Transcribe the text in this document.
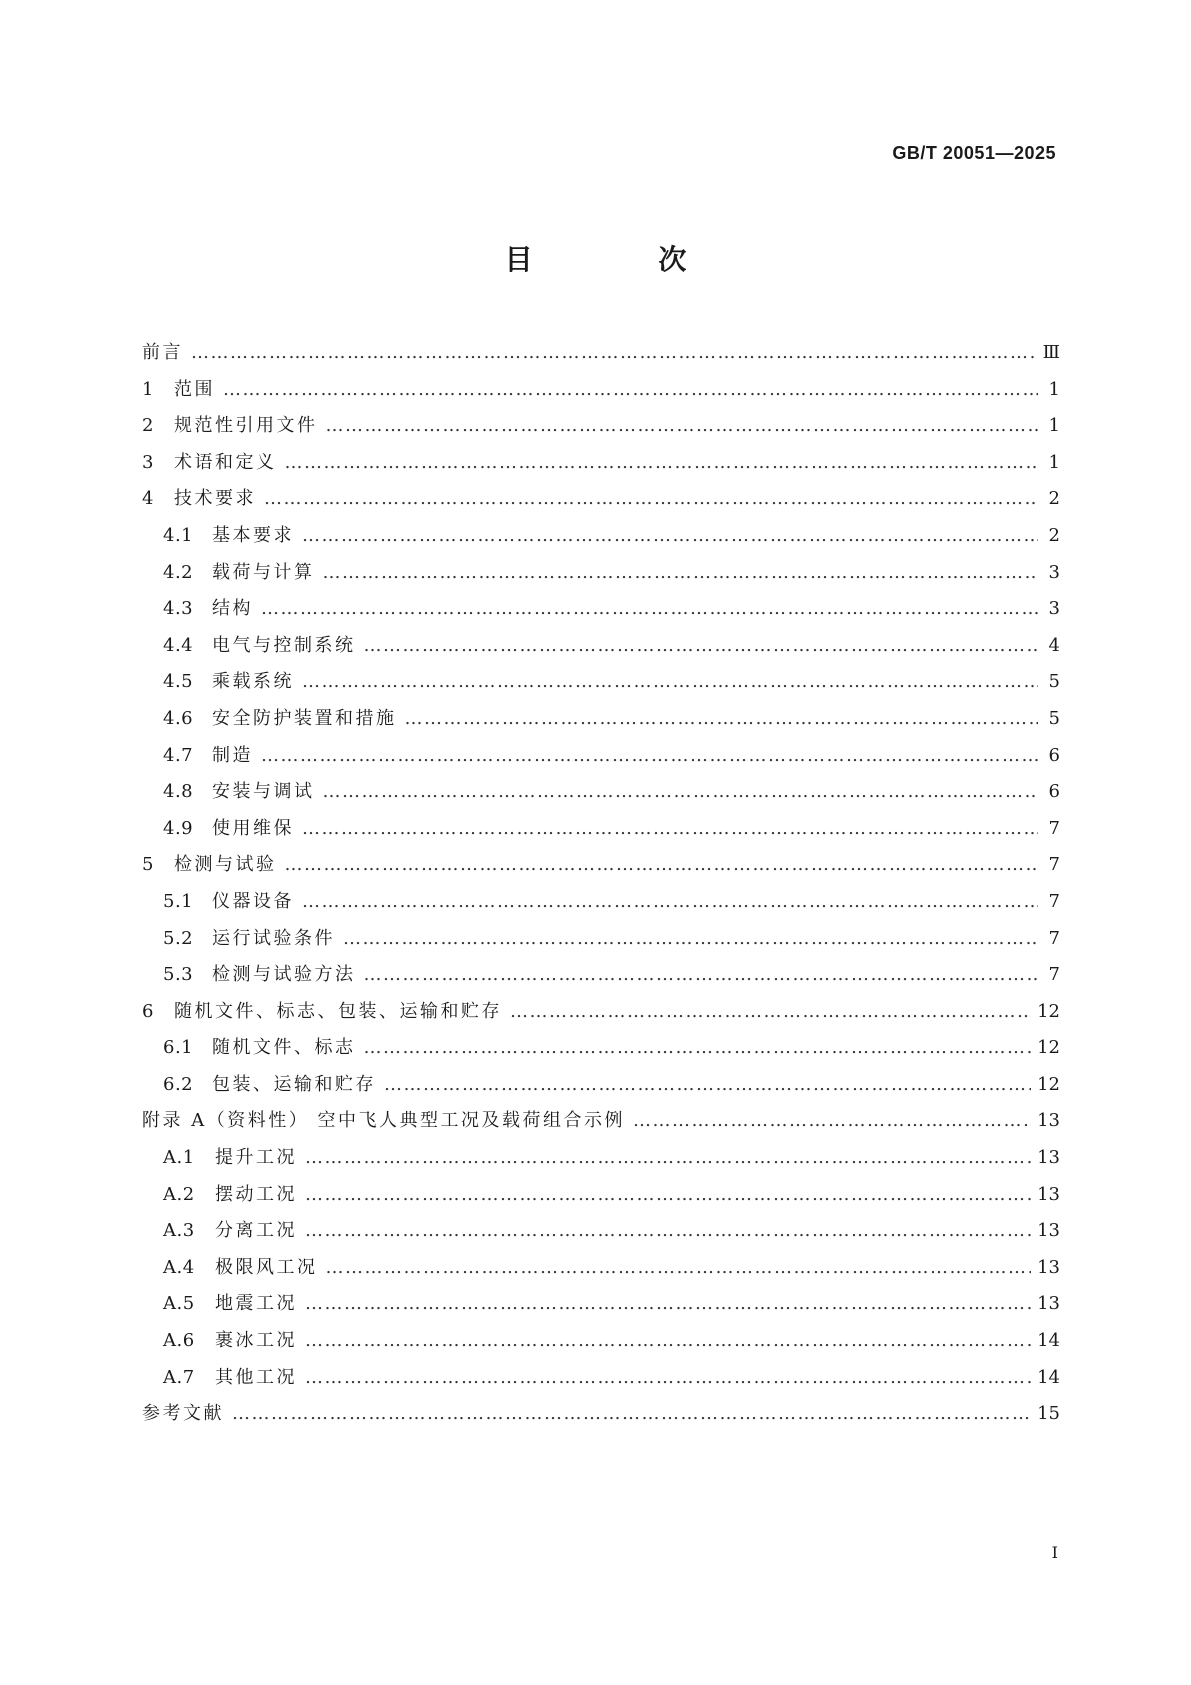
GB/T 20051—2025
目 次
前言 ……………………………………………………………………………………………………………………………………………………………………………………………………………………………………………………	Ⅲ
1	范围 ……………………………………………………………………………………………………………………………………………………………………………………………………………………………………………………	1
2	规范性引用文件 ……………………………………………………………………………………………………………………………………………………………………………………………………………………………………………………	1
3	术语和定义 ……………………………………………………………………………………………………………………………………………………………………………………………………………………………………………………	1
4	技术要求 ……………………………………………………………………………………………………………………………………………………………………………………………………………………………………………………	2
4.1	基本要求 ……………………………………………………………………………………………………………………………………………………………………………………………………………………………………………………	2
4.2	载荷与计算 ……………………………………………………………………………………………………………………………………………………………………………………………………………………………………………………	3
4.3	结构 ……………………………………………………………………………………………………………………………………………………………………………………………………………………………………………………	3
4.4	电气与控制系统 ……………………………………………………………………………………………………………………………………………………………………………………………………………………………………………………	4
4.5	乘载系统 ……………………………………………………………………………………………………………………………………………………………………………………………………………………………………………………	5
4.6	安全防护装置和措施 ……………………………………………………………………………………………………………………………………………………………………………………………………………………………………………………	5
4.7	制造 ……………………………………………………………………………………………………………………………………………………………………………………………………………………………………………………	6
4.8	安装与调试 ……………………………………………………………………………………………………………………………………………………………………………………………………………………………………………………	6
4.9	使用维保 ……………………………………………………………………………………………………………………………………………………………………………………………………………………………………………………	7
5	检测与试验 ……………………………………………………………………………………………………………………………………………………………………………………………………………………………………………………	7
5.1	仪器设备 ……………………………………………………………………………………………………………………………………………………………………………………………………………………………………………………	7
5.2	运行试验条件 ……………………………………………………………………………………………………………………………………………………………………………………………………………………………………………………	7
5.3	检测与试验方法 ……………………………………………………………………………………………………………………………………………………………………………………………………………………………………………………	7
6	随机文件、标志、包装、运输和贮存 ……………………………………………………………………………………………………………………………………………………………………………………………………………………………………………………	12
6.1	随机文件、标志 ……………………………………………………………………………………………………………………………………………………………………………………………………………………………………………………	12
6.2	包装、运输和贮存 ……………………………………………………………………………………………………………………………………………………………………………………………………………………………………………………	12
附录 A（资料性） 空中飞人典型工况及载荷组合示例 ……………………………………………………………………………………………………………………………………………………………………………………………………………………………………………………	13
A.1	提升工况 ……………………………………………………………………………………………………………………………………………………………………………………………………………………………………………………	13
A.2	摆动工况 ……………………………………………………………………………………………………………………………………………………………………………………………………………………………………………………	13
A.3	分离工况 ……………………………………………………………………………………………………………………………………………………………………………………………………………………………………………………	13
A.4	极限风工况 ……………………………………………………………………………………………………………………………………………………………………………………………………………………………………………………	13
A.5	地震工况 ……………………………………………………………………………………………………………………………………………………………………………………………………………………………………………………	13
A.6	裹冰工况 ……………………………………………………………………………………………………………………………………………………………………………………………………………………………………………………	14
A.7	其他工况 ……………………………………………………………………………………………………………………………………………………………………………………………………………………………………………………	14
参考文献 ……………………………………………………………………………………………………………………………………………………………………………………………………………………………………………………	15
I
